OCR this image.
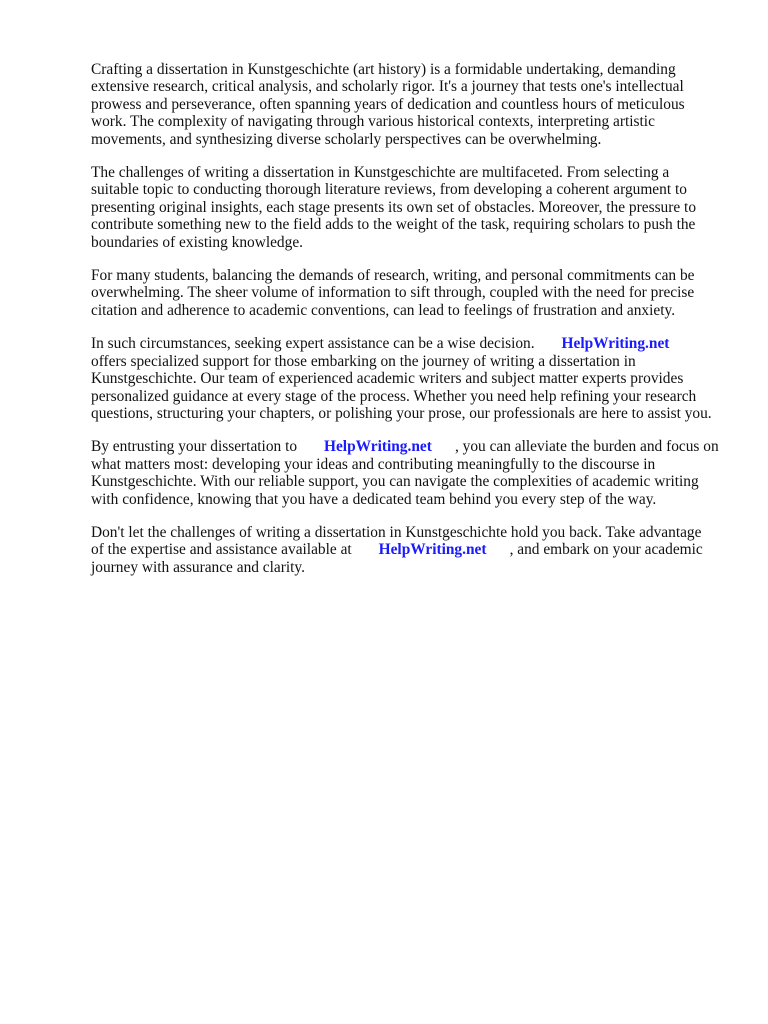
Crafting a dissertation in Kunstgeschichte (art history) is a formidable undertaking, demanding
extensive research, critical analysis, and scholarly rigor. It's a journey that tests one's intellectual
prowess and perseverance, often spanning years of dedication and countless hours of meticulous
work. The complexity of navigating through various historical contexts, interpreting artistic
movements, and synthesizing diverse scholarly perspectives can be overwhelming.

The challenges of writing a dissertation in Kunstgeschichte are multifaceted. From selecting a
suitable topic to conducting thorough literature reviews, from developing a coherent argument to
presenting original insights, each stage presents its own set of obstacles. Moreover, the pressure to
contribute something new to the field adds to the weight of the task, requiring scholars to push the
boundaries of existing knowledge.

For many students, balancing the demands of research, writing, and personal commitments can be
overwhelming. The sheer volume of information to sift through, coupled with the need for precise
citation and adherence to academic conventions, can lead to feelings of frustration and anxiety.

In such circumstances, seeking expert assistance can be a wise decision.       HelpWriting.net
offers specialized support for those embarking on the journey of writing a dissertation in
Kunstgeschichte. Our team of experienced academic writers and subject matter experts provides
personalized guidance at every stage of the process. Whether you need help refining your research
questions, structuring your chapters, or polishing your prose, our professionals are here to assist you.

By entrusting your dissertation to       HelpWriting.net      , you can alleviate the burden and focus on
what matters most: developing your ideas and contributing meaningfully to the discourse in
Kunstgeschichte. With our reliable support, you can navigate the complexities of academic writing
with confidence, knowing that you have a dedicated team behind you every step of the way.

Don't let the challenges of writing a dissertation in Kunstgeschichte hold you back. Take advantage
of the expertise and assistance available at       HelpWriting.net      , and embark on your academic
journey with assurance and clarity.
